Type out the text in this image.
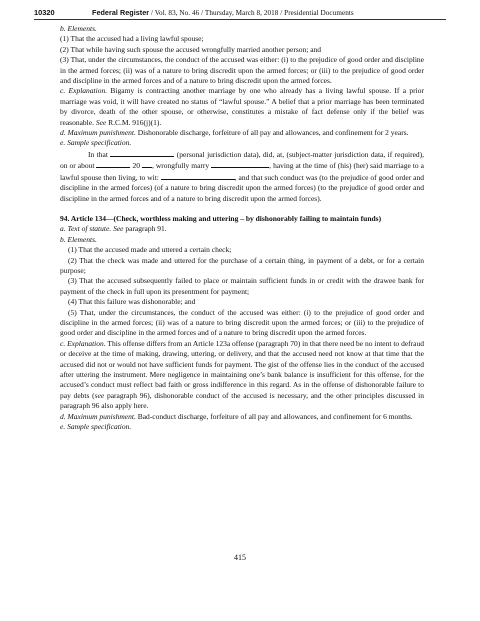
10320	Federal Register / Vol. 83, No. 46 / Thursday, March 8, 2018 / Presidential Documents

b. Elements.

(1) That the accused had a living lawful spouse;

(2) That while having such spouse the accused wrongfully married another person; and

(3) That, under the circumstances, the conduct of the accused was either: (i) to the prejudice of good order and discipline in the armed forces; (ii) was of a nature to bring discredit upon the armed forces; or (iii) to the prejudice of good order and discipline in the armed forces and of a nature to bring discredit upon the armed forces.

c. Explanation. Bigamy is contracting another marriage by one who already has a living lawful spouse. If a prior marriage was void, it will have created no status of “lawful spouse.” A belief that a prior marriage has been terminated by divorce, death of the other spouse, or otherwise, constitutes a mistake of fact defense only if the belief was reasonable. See R.C.M. 916(j)(1).

d. Maximum punishment. Dishonorable discharge, forfeiture of all pay and allowances, and confinement for 2 years.

e. Sample specification.

In that	(personal jurisdiction data), did, at, (subject-matter jurisdiction data, if required), on or about	20 , wrongfully marry	, having at the time of (his) (her) said marriage to a lawful spouse then living, to wit:	, and that such conduct was (to the prejudice of good order and discipline in the armed forces) (of a nature to bring discredit upon the armed forces) (to the prejudice of good order and discipline in the armed forces and of a nature to bring discredit upon the armed forces).

94. Article 134—(Check, worthless making and uttering – by dishonorably failing to maintain funds)

a. Text of statute. See paragraph 91.

b. Elements.

(1) That the accused made and uttered a certain check;

(2) That the check was made and uttered for the purchase of a certain thing, in payment of a debt, or for a certain purpose;

(3) That the accused subsequently failed to place or maintain sufficient funds in or credit with the drawee bank for payment of the check in full upon its presentment for payment;

(4) That this failure was dishonorable; and

(5) That, under the circumstances, the conduct of the accused was either: (i) to the prejudice of good order and discipline in the armed forces; (ii) was of a nature to bring discredit upon the armed forces; or (iii) to the prejudice of good order and discipline in the armed forces and of a nature to bring discredit upon the armed forces.

c. Explanation. This offense differs from an Article 123a offense (paragraph 70) in that there need be no intent to defraud or deceive at the time of making, drawing, uttering, or delivery, and that the accused need not know at that time that the accused did not or would not have sufficient funds for payment. The gist of the offense lies in the conduct of the accused after uttering the instrument. Mere negligence in maintaining one’s bank balance is insufficient for this offense, for the accused’s conduct must reflect bad faith or gross indifference in this regard. As in the offense of dishonorable failure to pay debts (see paragraph 96), dishonorable conduct of the accused is necessary, and the other principles discussed in paragraph 96 also apply here.

d. Maximum punishment. Bad-conduct discharge, forfeiture of all pay and allowances, and confinement for 6 months.

e. Sample specification.

415
